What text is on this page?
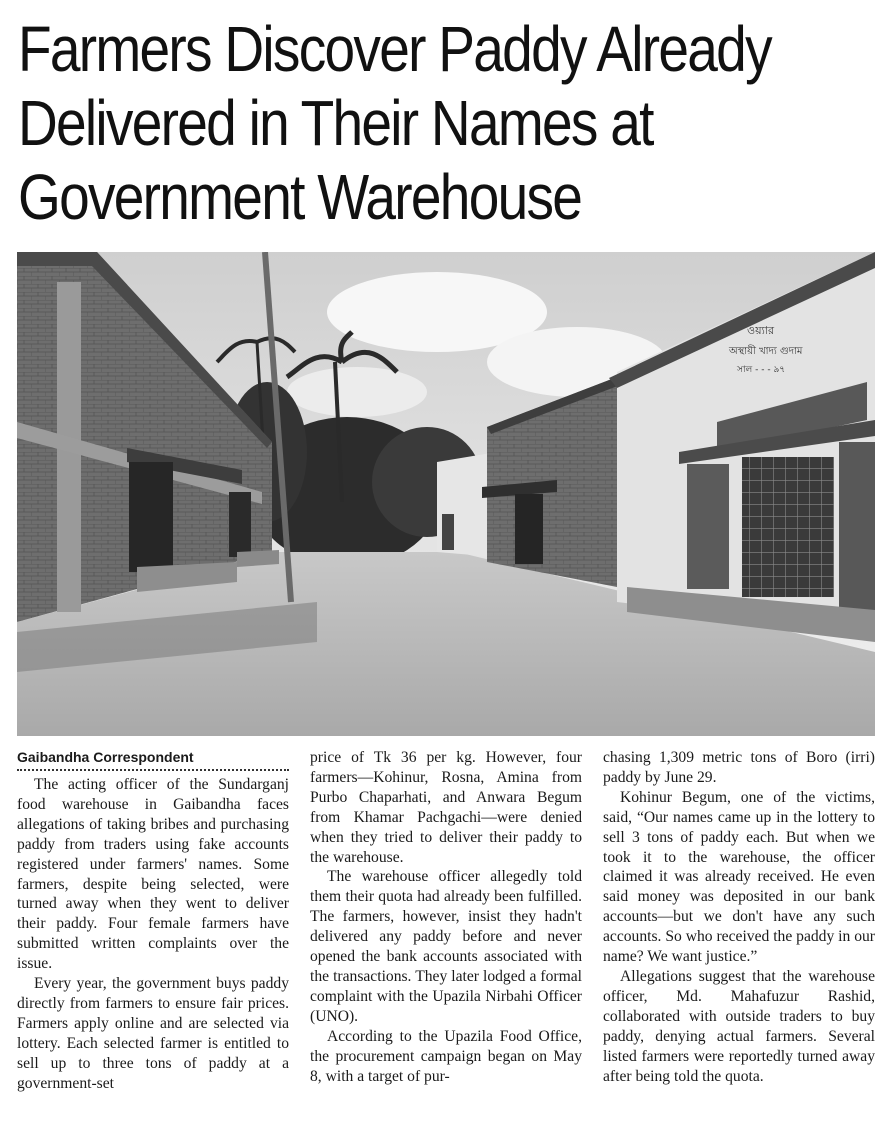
Farmers Discover Paddy Already Delivered in Their Names at Government Warehouse
ওয়্যার
অস্থায়ী খাদ্য গুদাম
সাল - - - ৯৭
Gaibandha Correspondent

The acting officer of the Sundarganj food warehouse in Gaibandha faces allegations of taking bribes and purchasing paddy from traders using fake accounts registered under farmers' names. Some farmers, despite being selected, were turned away when they went to deliver their paddy. Four female farmers have submitted written complaints over the issue.

Every year, the government buys paddy directly from farmers to ensure fair prices. Farmers apply online and are selected via lottery. Each selected farmer is entitled to sell up to three tons of paddy at a government-set

price of Tk 36 per kg. However, four farmers—Kohinur, Rosna, Amina from Purbo Chaparhati, and Anwara Begum from Khamar Pachgachi—were denied when they tried to deliver their paddy to the warehouse.

The warehouse officer allegedly told them their quota had already been fulfilled. The farmers, however, insist they hadn't delivered any paddy before and never opened the bank accounts associated with the transactions. They later lodged a formal complaint with the Upazila Nirbahi Officer (UNO).

According to the Upazila Food Office, the procurement campaign began on May 8, with a target of pur-

chasing 1,309 metric tons of Boro (irri) paddy by June 29.

Kohinur Begum, one of the victims, said, “Our names came up in the lottery to sell 3 tons of paddy each. But when we took it to the warehouse, the officer claimed it was already received. He even said money was deposited in our bank accounts—but we don't have any such accounts. So who received the paddy in our name? We want justice.”

Allegations suggest that the warehouse officer, Md. Mahafuzur Rashid, collaborated with outside traders to buy paddy, denying actual farmers. Several listed farmers were reportedly turned away after being told the quota.
